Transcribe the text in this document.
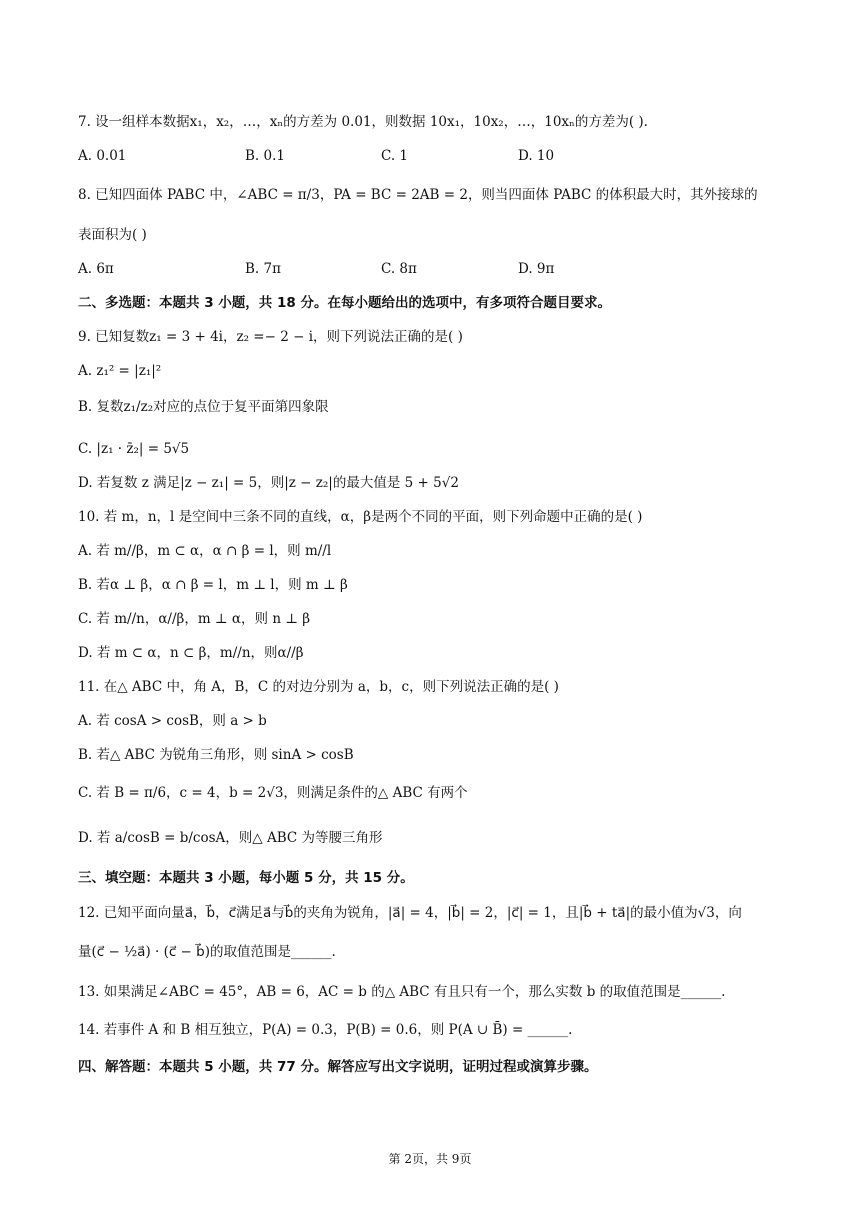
7. 设一组样本数据x₁，x₂，…，xₙ的方差为 0.01，则数据 10x₁，10x₂，…，10xₙ的方差为( ).
A. 0.01	B. 0.1	C. 1	D. 10
8. 已知四面体 PABC 中，∠ABC = π/3，PA = BC = 2AB = 2，则当四面体 PABC 的体积最大时，其外接球的
表面积为( )
A. 6π	B. 7π	C. 8π	D. 9π
二、多选题：本题共 3 小题，共 18 分。在每小题给出的选项中，有多项符合题目要求。
9. 已知复数z₁ = 3 + 4i，z₂ =− 2 − i，则下列说法正确的是( )
A. z₁² = |z₁|²
B. 复数z₁/z₂对应的点位于复平面第四象限
C. |z₁ · z̄₂| = 5√5
D. 若复数 z 满足|z − z₁| = 5，则|z − z₂|的最大值是 5 + 5√2
10. 若 m，n，l 是空间中三条不同的直线，α，β是两个不同的平面，则下列命题中正确的是( )
A. 若 m//β，m ⊂ α，α ∩ β = l，则 m//l
B. 若α ⊥ β，α ∩ β = l，m ⊥ l，则 m ⊥ β
C. 若 m//n，α//β，m ⊥ α，则 n ⊥ β
D. 若 m ⊂ α，n ⊂ β，m//n，则α//β
11. 在△ ABC 中，角 A，B，C 的对边分别为 a，b，c，则下列说法正确的是( )
A. 若 cosA > cosB，则 a > b
B. 若△ ABC 为锐角三角形，则 sinA > cosB
C. 若 B = π/6，c = 4，b = 2√3，则满足条件的△ ABC 有两个
D. 若 a/cosB = b/cosA，则△ ABC 为等腰三角形
三、填空题：本题共 3 小题，每小题 5 分，共 15 分。
12. 已知平面向量a⃗，b⃗，c⃗满足a⃗与b⃗的夹角为锐角，|a⃗| = 4，|b⃗| = 2，|c⃗| = 1，且|b⃗ + ta⃗|的最小值为√3，向
量(c⃗ − ½a⃗) · (c⃗ − b⃗)的取值范围是______.
13. 如果满足∠ABC = 45°，AB = 6，AC = b 的△ ABC 有且只有一个，那么实数 b 的取值范围是______.
14. 若事件 A 和 B 相互独立，P(A) = 0.3，P(B) = 0.6，则 P(A ∪ B̄) = ______.
四、解答题：本题共 5 小题，共 77 分。解答应写出文字说明，证明过程或演算步骤。
第 2页，共 9页
